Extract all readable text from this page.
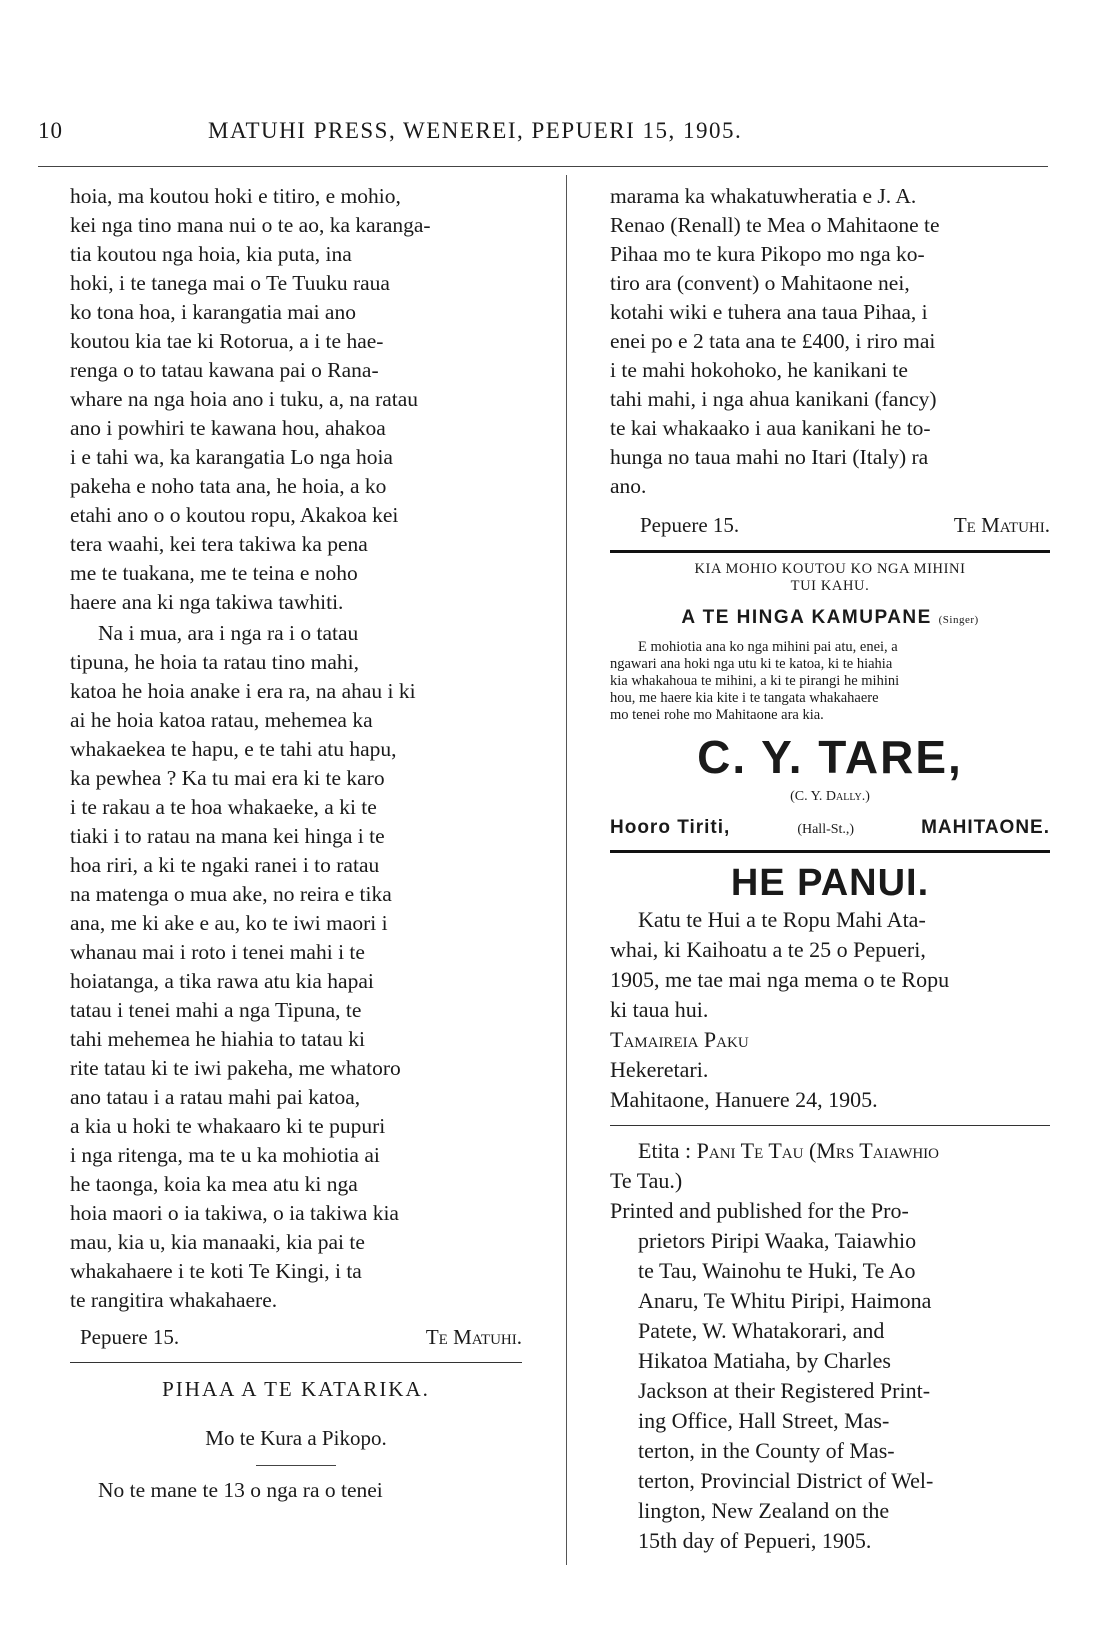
10	MATUHI PRESS, WENEREI, PEPUERI 15, 1905.

hoia, ma koutou hoki e titiro, e mohio,

kei nga tino mana nui o te ao, ka karanga-

tia koutou nga hoia, kia puta, ina

hoki, i te tanega mai o Te Tuuku raua

ko tona hoa, i karangatia mai ano

koutou kia tae ki Rotorua, a i te hae-

renga o to tatau kawana pai o Rana-

whare na nga hoia ano i tuku, a, na ratau

ano i powhiri te kawana hou, ahakoa

i e tahi wa, ka karangatia Lo nga hoia

pakeha e noho tata ana, he hoia, a ko

etahi ano o o koutou ropu, Akakoa kei

tera waahi, kei tera takiwa ka pena

me te tuakana, me te teina e noho

haere ana ki nga takiwa tawhiti.

Na i mua, ara i nga ra i o tatau

tipuna, he hoia ta ratau tino mahi,

katoa he hoia anake i era ra, na ahau i ki

ai he hoia katoa ratau, mehemea ka

whakaekea te hapu, e te tahi atu hapu,

ka pewhea ? Ka tu mai era ki te karo

i te rakau a te hoa whakaeke, a ki te

tiaki i to ratau na mana kei hinga i te

hoa riri, a ki te ngaki ranei i to ratau

na matenga o mua ake, no reira e tika

ana, me ki ake e au, ko te iwi maori i

whanau mai i roto i tenei mahi i te

hoiatanga, a tika rawa atu kia hapai

tatau i tenei mahi a nga Tipuna, te

tahi mehemea he hiahia to tatau ki

rite tatau ki te iwi pakeha, me whatoro

ano tatau i a ratau mahi pai katoa,

a kia u hoki te whakaaro ki te pupuri

i nga ritenga, ma te u ka mohiotia ai

he taonga, koia ka mea atu ki nga

hoia maori o ia takiwa, o ia takiwa kia

mau, kia u, kia manaaki, kia pai te

whakahaere i te koti Te Kingi, i ta

te rangitira whakahaere.

Pepuere 15.	Te Matuhi.
PIHAA A TE KATARIKA.
Mo te Kura a Pikopo.

No te mane te 13 o nga ra o tenei

marama ka whakatuwheratia e J. A.

Renao (Renall) te Mea o Mahitaone te

Pihaa mo te kura Pikopo mo nga ko-

tiro ara (convent) o Mahitaone nei,

kotahi wiki e tuhera ana taua Pihaa, i

enei po e 2 tata ana te £400, i riro mai

i te mahi hokohoko, he kanikani te

tahi mahi, i nga ahua kanikani (fancy)

te kai whakaako i aua kanikani he to-

hunga no taua mahi no Itari (Italy) ra

ano.

Pepuere 15.	Te Matuhi.
KIA MOHIO KOUTOU KO NGA MIHINI
TUI KAHU.
A TE HINGA KAMUPANE (Singer)

E mohiotia ana ko nga mihini pai atu, enei, a

ngawari ana hoki nga utu ki te katoa, ki te hiahia

kia whakahoua te mihini, a ki te pirangi he mihini

hou, me haere kia kite i te tangata whakahaere

mo tenei rohe mo Mahitaone ara kia.

C. Y. TARE,
(C. Y. Dally.)
Hooro Tiriti,	(Hall-St.,)	MAHITAONE.
HE PANUI.

Katu te Hui a te Ropu Mahi Ata-

whai, ki Kaihoatu a te 25 o Pepueri,

1905, me tae mai nga mema o te Ropu

ki taua hui.

Tamaireia Paku

Hekeretari.

Mahitaone, Hanuere 24, 1905.

Etita : Pani Te Tau (Mrs Taiawhio

Te Tau.)

Printed and published for the Pro-

prietors Piripi Waaka, Taiawhio

te Tau, Wainohu te Huki, Te Ao

Anaru, Te Whitu Piripi, Haimona

Patete, W. Whatakorari, and

Hikatoa Matiaha, by Charles

Jackson at their Registered Print-

ing Office, Hall Street, Mas-

terton, in the County of Mas-

terton, Provincial District of Wel-

lington, New Zealand on the

15th day of Pepueri, 1905.
